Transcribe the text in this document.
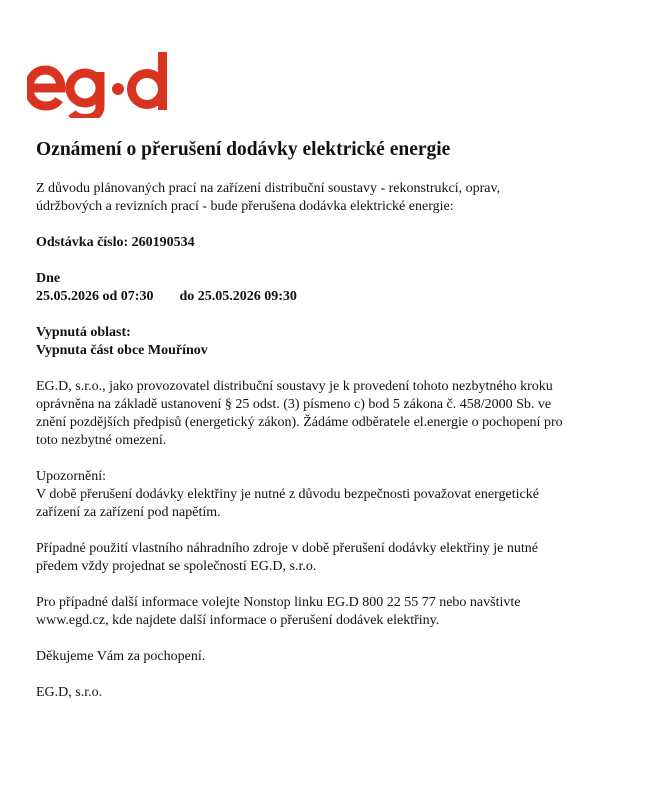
Oznámení o přerušení dodávky elektrické energie
Z důvodu plánovaných prací na zařízení distribuční soustavy - rekonstrukcí, oprav,
údržbových a revizních prací - bude přerušena dodávka elektrické energie:
Odstávka číslo: 260190534
Dne
25.05.2026 od 07:30 do 25.05.2026 09:30
Vypnutá oblast:
Vypnuta část obce Mouřínov
EG.D, s.r.o., jako provozovatel distribuční soustavy je k provedení tohoto nezbytného kroku
oprávněna na základě ustanovení § 25 odst. (3) písmeno c) bod 5 zákona č. 458/2000 Sb. ve
znění pozdějších předpisů (energetický zákon). Žádáme odběratele el.energie o pochopení pro
toto nezbytné omezení.
Upozornění:
V době přerušení dodávky elektřiny je nutné z důvodu bezpečnosti považovat energetické
zařízení za zařízení pod napětím.
Případné použití vlastního náhradního zdroje v době přerušení dodávky elektřiny je nutné
předem vždy projednat se společností EG.D, s.r.o.
Pro případné další informace volejte Nonstop linku EG.D 800 22 55 77 nebo navštivte
www.egd.cz, kde najdete další informace o přerušení dodávek elektřiny.
Děkujeme Vám za pochopení.
EG.D, s.r.o.
